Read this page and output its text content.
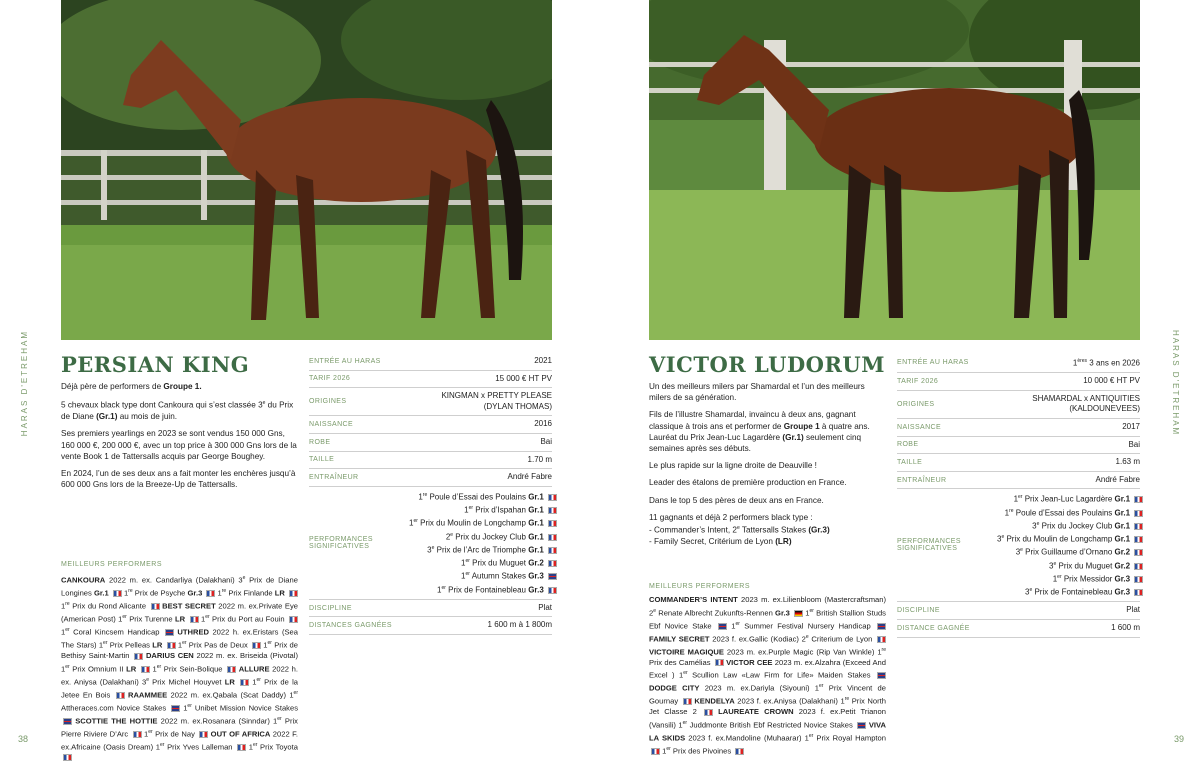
HARAS D'ETREHAM
38
PERSIAN KING

Déjà père de performers de Groupe 1.

5 chevaux black type dont Cankoura qui s’est classée 3e du Prix de Diane (Gr.1) au mois de juin.

Ses premiers yearlings en 2023 se sont vendus 150 000 Gns, 160 000 €, 200 000 €, avec un top price à 300 000 Gns lors de la vente Book 1 de Tattersalls acquis par George Boughey.

En 2024, l’un de ses deux ans a fait monter les enchères jusqu’à 600 000 Gns lors de la Breeze-Up de Tattersalls.

MEILLEURS PERFORMERS
CANKOURA 2022 m. ex. Candarliya (Dalakhani) 3e Prix de Diane Longines Gr.1  1re Prix de Psyche Gr.3  1re Prix Finlande LR  1re Prix du Rond Alicante  BEST SECRET 2022 m. ex.Private Eye (American Post) 1er Prix Turenne LR  1er Prix du Port au Fouin  1er Coral Kincsem Handicap  UTHRED 2022 h. ex.Eristars (Sea The Stars) 1er Prix Pelleas LR  1er Prix Pas de Deux  1er Prix de Bethisy Saint-Martin  DARIUS CEN 2022 m. ex. Briseida (Pivotal) 1er Prix Omnium II LR  1er Prix Sein-Bolique  ALLURE 2022 h. ex. Aniysa (Dalakhani) 3e Prix Michel Houyvet LR  1er Prix de la Jetee En Bois  RAAMMEE 2022 m. ex.Qabala (Scat Daddy) 1er Attheraces.com Novice Stakes  1er Unibet Mission Novice Stakes  SCOTTIE THE HOTTIE 2022 m. ex.Rosanara (Sinndar) 1er Prix Pierre Riviere D’Arc  1er Prix de Nay  OUT OF AFRICA 2022 F. ex.Africaine (Oasis Dream) 1er Prix Yves Lalleman  1er Prix Toyota
ENTRÉE AU HARAS	2021
TARIF 2026	15 000 € HT PV
ORIGINES
KINGMAN x PRETTY PLEASE
(DYLAN THOMAS)
NAISSANCE	2016
ROBE	Bai
TAILLE	1.70 m
ENTRAÎNEUR	André Fabre
PERFORMANCES SIGNIFICATIVES
1re Poule d’Essai des Poulains Gr.1
1er Prix d’Ispahan Gr.1
1er Prix du Moulin de Longchamp Gr.1
2e Prix du Jockey Club Gr.1
3e Prix de l’Arc de Triomphe Gr.1
1er Prix du Muguet Gr.2
1er Autumn Stakes Gr.3
1er Prix de Fontainebleau Gr.3
DISCIPLINE	Plat
DISTANCES GAGNÉES	1 600 m à 1 800m
HARAS D'ETREHAM
39
VICTOR LUDORUM

Un des meilleurs milers par Shamardal et l’un des meilleurs milers de sa génération.

Fils de l’illustre Shamardal, invaincu à deux ans, gagnant classique à trois ans et performer de Groupe 1 à quatre ans. Lauréat du Prix Jean-Luc Lagardère (Gr.1) seulement cinq semaines après ses débuts.

Le plus rapide sur la ligne droite de Deauville !

Leader des étalons de première production en France.

Dans le top 5 des pères de deux ans en France.

11 gagnants et déjà 2 performers black type :
- Commander’s Intent, 2e Tattersalls Stakes (Gr.3)
- Family Secret, Critérium de Lyon (LR)

MEILLEURS PERFORMERS
COMMANDER’S INTENT 2023 m. ex.Lilienbloom (Mastercraftsman) 2e Renate Albrecht Zukunfts-Rennen Gr.3  1er British Stallion Studs Ebf Novice Stake  1er Summer Festival Nursery Handicap  FAMILY SECRET 2023 f. ex.Gallic (Kodiac) 2e Criterium de Lyon  VICTOIRE MAGIQUE 2023 m. ex.Purple Magic (Rip Van Winkle) 1re Prix des Camélias  VICTOR CEE 2023 m. ex.Alzahra (Exceed And Excel ) 1er Scullion Law «Law Firm for Life» Maiden Stakes  DODGE CITY 2023 m. ex.Dariyla (Siyouni) 1er Prix Vincent de Gournay  KENDELYA 2023 f. ex.Aniysa (Dalakhani) 1re Prix North Jet Classe 2  LAUREATE CROWN 2023 f. ex.Petit Trianon (Vansili) 1er Juddmonte British Ebf Restricted Novice Stakes  VIVA LA SKIDS 2023 f. ex.Mandoline (Muhaarar) 1er Prix Royal Hampton  1er Prix des Pivoines
ENTRÉE AU HARAS	1ères 3 ans en 2026
TARIF 2026	10 000 € HT PV
ORIGINES
SHAMARDAL x ANTIQUITIES
(KALDOUNEVEES)
NAISSANCE	2017
ROBE	Bai
TAILLE	1.63 m
ENTRAÎNEUR	André Fabre
PERFORMANCES SIGNIFICATIVES
1er Prix Jean-Luc Lagardère Gr.1
1re Poule d’Essai des Poulains Gr.1
3e Prix du Jockey Club Gr.1
3e Prix du Moulin de Longchamp Gr.1
3e Prix Guillaume d’Ornano Gr.2
3e Prix du Muguet Gr.2
1er Prix Messidor Gr.3
3e Prix de Fontainebleau Gr.3
DISCIPLINE	Plat
DISTANCE GAGNÉE	1 600 m
